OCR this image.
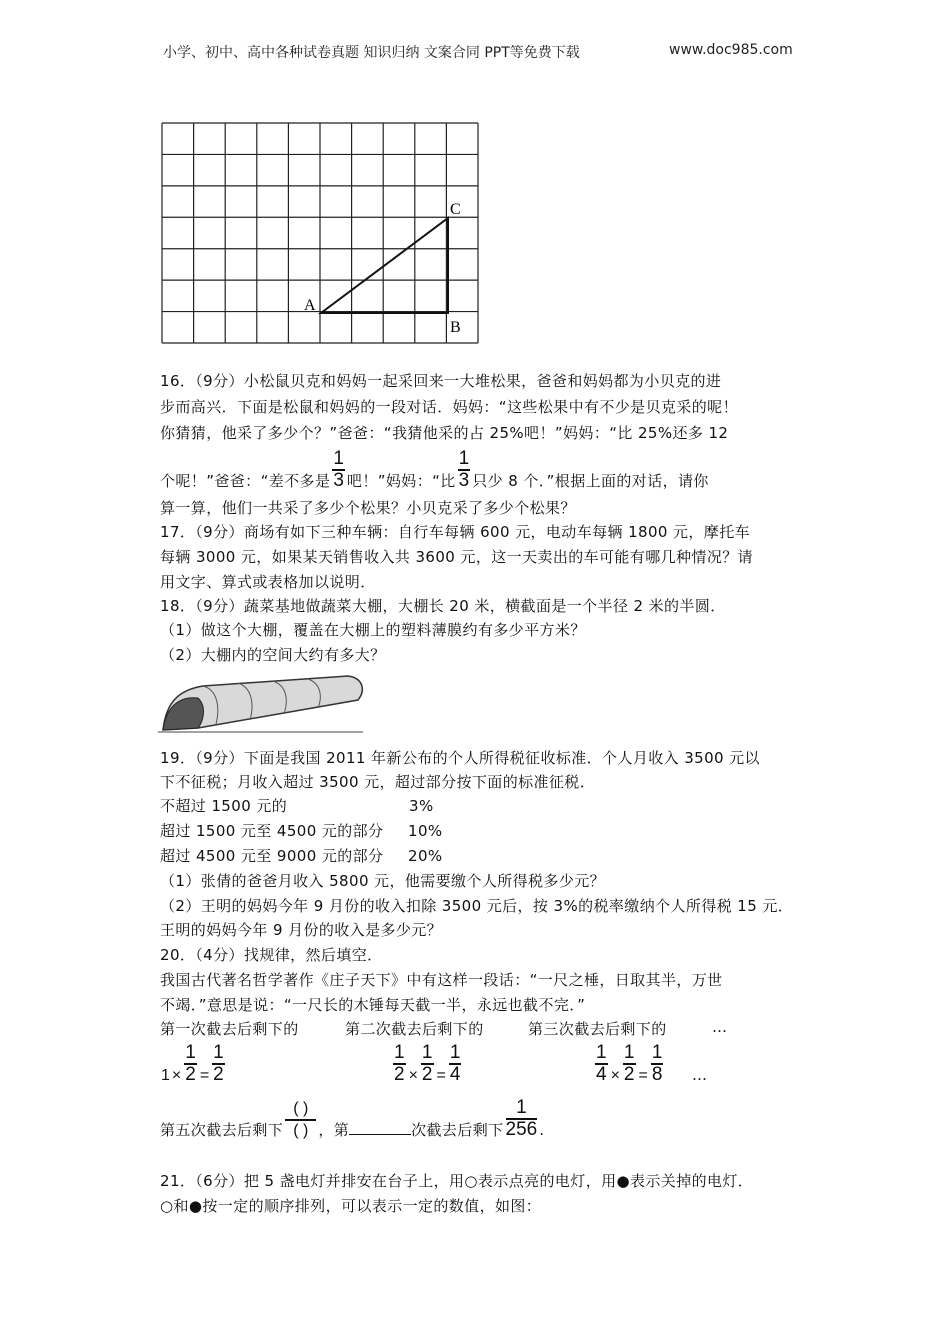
小学、初中、高中各种试卷真题 知识归纳 文案合同 PPT等免费下载	www.doc985.com
A
B
C
16．（9分）小松鼠贝克和妈妈一起采回来一大堆松果，爸爸和妈妈都为小贝克的进
步而高兴．下面是松鼠和妈妈的一段对话．妈妈：“这些松果中有不少是贝克采的呢！
你猜猜，他采了多少个？”爸爸：“我猜他采的占 25%吧！”妈妈：“比 25%还多 12
个呢！”爸爸：“差不多是 $\frac{1}{3}$ 吧！”妈妈：“比 $\frac{1}{3}$ 只少 8 个．”根据上面的对话，请你
算一算，他们一共采了多少个松果？小贝克采了多少个松果？
17．（9分）商场有如下三种车辆：自行车每辆 600 元，电动车每辆 1800 元，摩托车
每辆 3000 元，如果某天销售收入共 3600 元，这一天卖出的车可能有哪几种情况？请
用文字、算式或表格加以说明．
18．（9分）蔬菜基地做蔬菜大棚，大棚长 20 米，横截面是一个半径 2 米的半圆．
（1）做这个大棚，覆盖在大棚上的塑料薄膜约有多少平方米？
（2）大棚内的空间大约有多大？
19．（9分）下面是我国 2011 年新公布的个人所得税征收标准．个人月收入 3500 元以
下不征税；月收入超过 3500 元，超过部分按下面的标准征税．
不超过 1500 元的	3%
超过 1500 元至 4500 元的部分 10%
超过 4500 元至 9000 元的部分 20%
（1）张倩的爸爸月收入 5800 元，他需要缴个人所得税多少元？
（2）王明的妈妈今年 9 月份的收入扣除 3500 元后，按 3%的税率缴纳个人所得税 15 元．
王明的妈妈今年 9 月份的收入是多少元？
20．（4分）找规律，然后填空．
我国古代著名哲学著作《庄子天下》中有这样一段话：“一尺之棰，日取其半，万世
不竭．”意思是说：“一尺长的木锤每天截一半，永远也截不完．”
第一次截去后剩下的	第二次截去后剩下的	第三次截去后剩下的	…
$1 \times \frac{1}{2} = \frac{1}{2}$	$\frac{1}{2} \times \frac{1}{2} = \frac{1}{4}$	$\frac{1}{4} \times \frac{1}{2} = \frac{1}{8}$ …
第五次截去后剩下 $\frac{( )}{( )}$ ，第	次截去后剩下 $\frac{1}{256}$ .
21．（6分）把 5 盏电灯并排安在台子上，用○表示点亮的电灯，用●表示关掉的电灯．
○和●按一定的顺序排列，可以表示一定的数值，如图：
